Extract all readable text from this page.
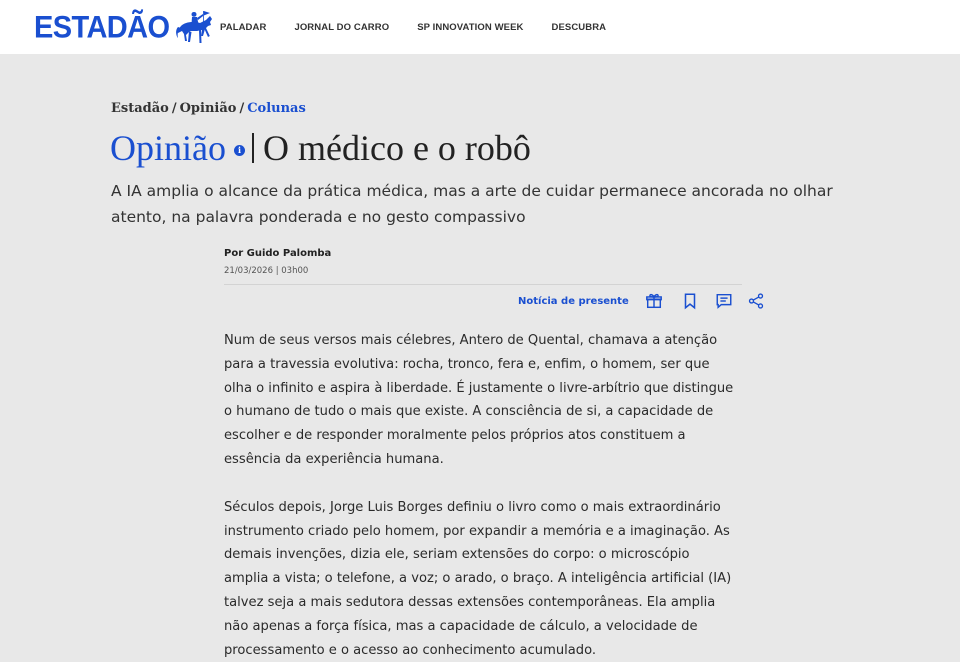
ESTADÃO	PALADAR	JORNAL DO CARRO	SP INNOVATION WEEK	DESCUBRA
Estadão / Opinião / Colunas
Opinião	i O médico e o robô

A IA amplia o alcance da prática médica, mas a arte de cuidar permanece ancorada no olhar atento, na palavra ponderada e no gesto compassivo

Por Guido Palomba
21/03/2026 | 03h00
Notícia de presente

Num de seus versos mais célebres, Antero de Quental, chamava a atenção para a travessia evolutiva: rocha, tronco, fera e, enfim, o homem, ser que olha o infinito e aspira à liberdade. É justamente o livre-arbítrio que distingue o humano de tudo o mais que existe. A consciência de si, a capacidade de escolher e de responder moralmente pelos próprios atos constituem a essência da experiência humana.

Séculos depois, Jorge Luis Borges definiu o livro como o mais extraordinário instrumento criado pelo homem, por expandir a memória e a imaginação. As demais invenções, dizia ele, seriam extensões do corpo: o microscópio amplia a vista; o telefone, a voz; o arado, o braço. A inteligência artificial (IA) talvez seja a mais sedutora dessas extensões contemporâneas. Ela amplia não apenas a força física, mas a capacidade de cálculo, a velocidade de processamento e o acesso ao conhecimento acumulado.
